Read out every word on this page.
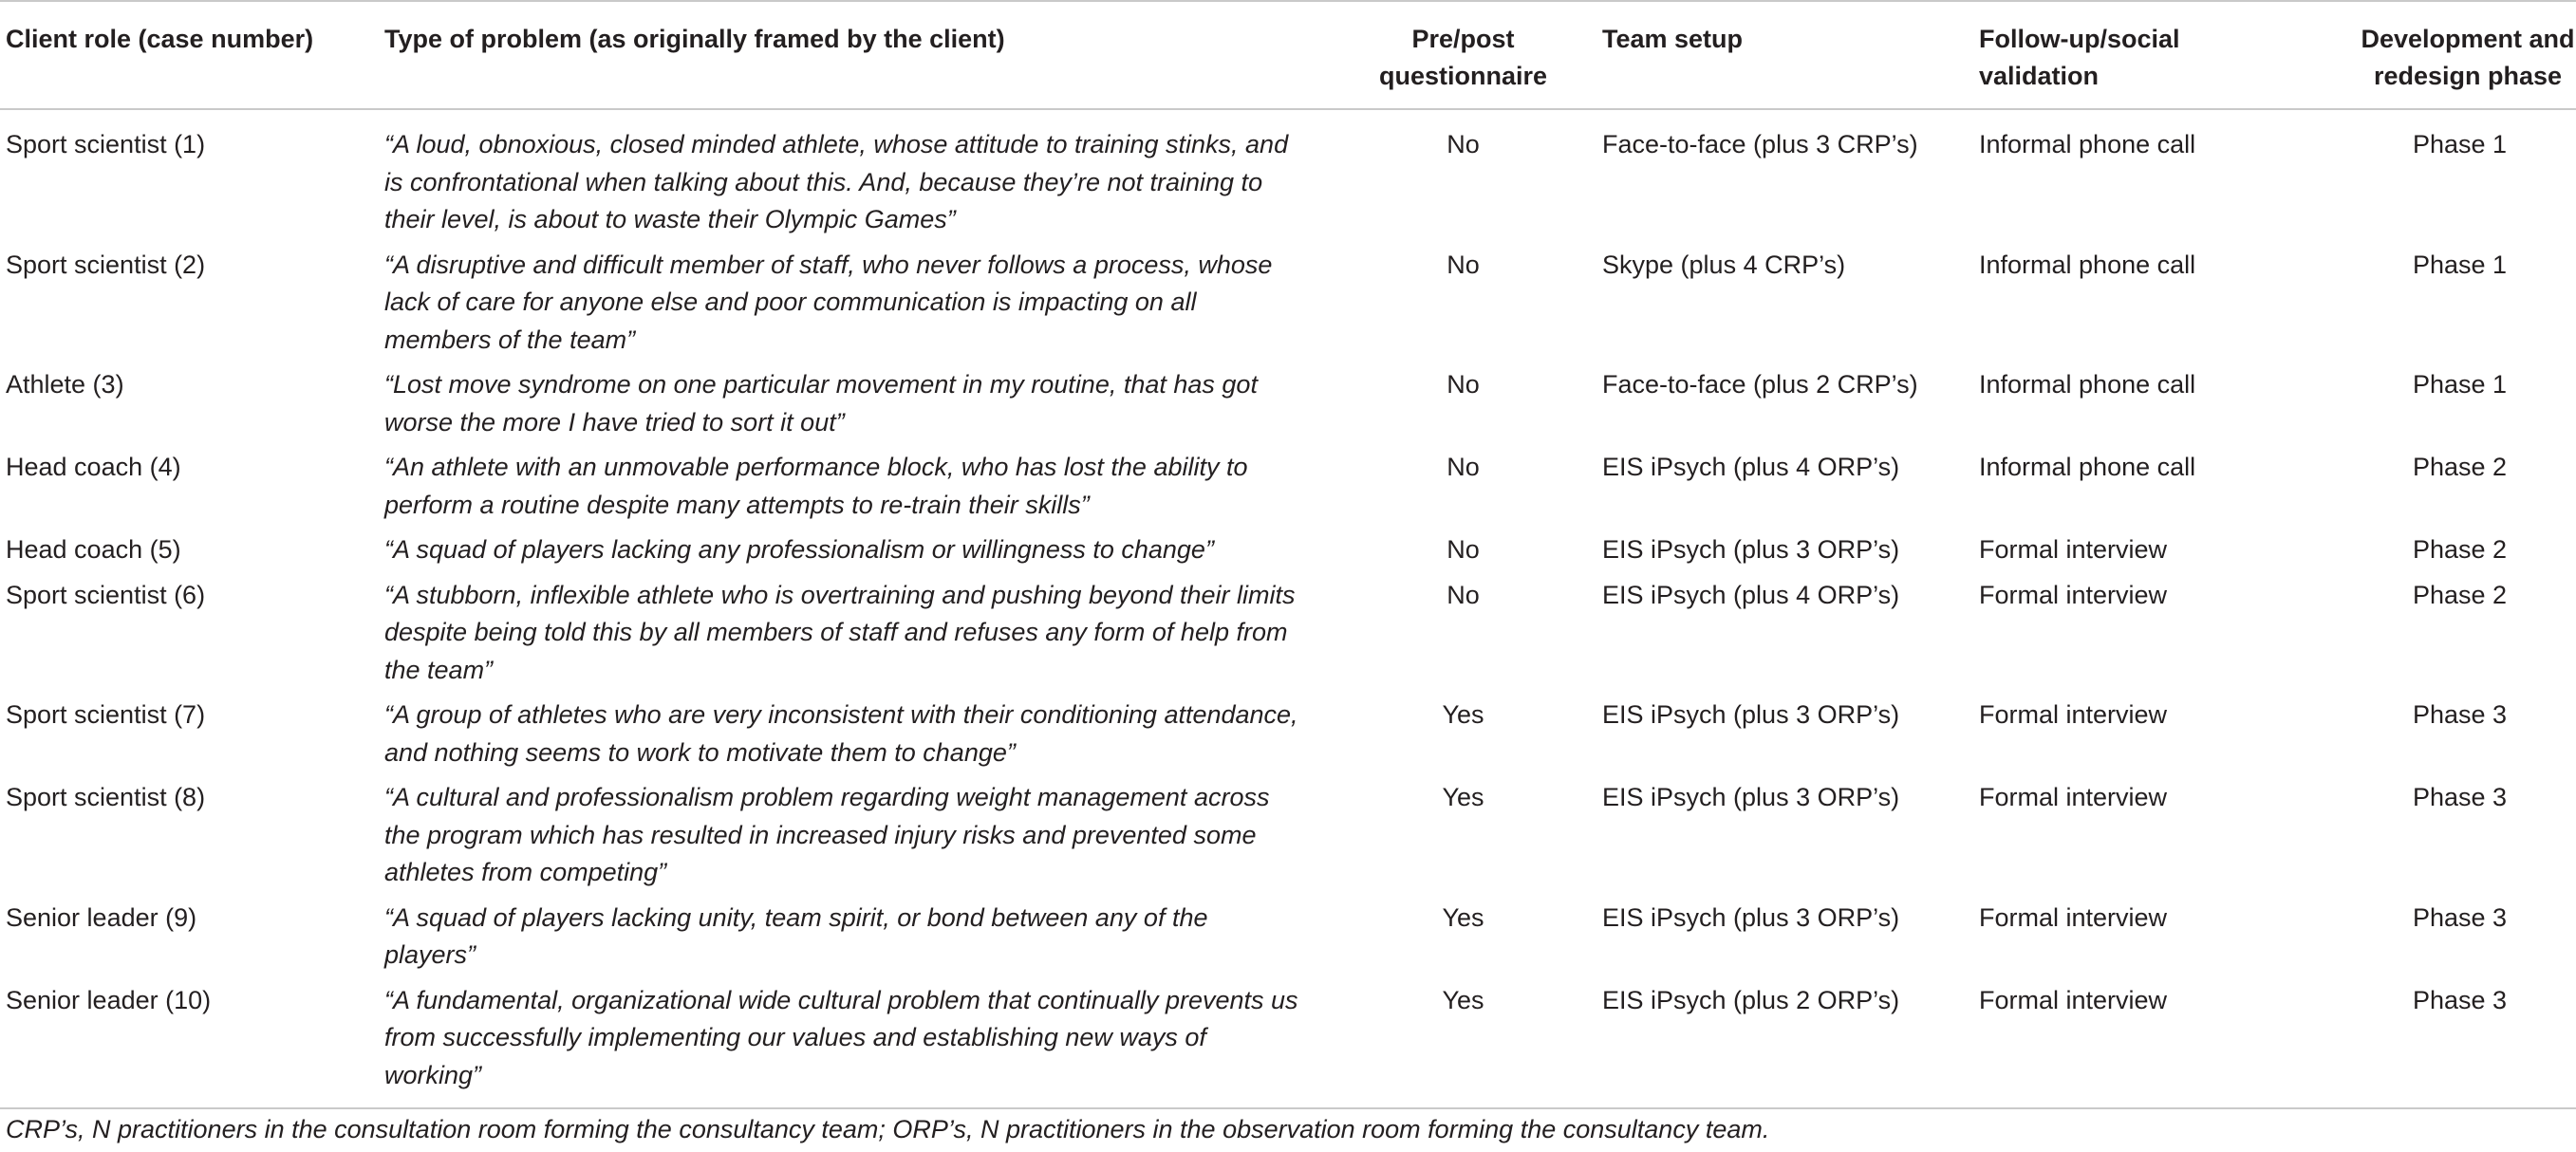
Client role (case number)	Type of problem (as originally framed by the client)	Pre/post questionnaire	Team setup	Follow-up/social validation	Development and redesign phase
Sport scientist (1)	“A loud, obnoxious, closed minded athlete, whose attitude to training stinks, and is confrontational when talking about this. And, because they’re not training to their level, is about to waste their Olympic Games”	No	Face-to-face (plus 3 CRP’s)	Informal phone call	Phase 1
Sport scientist (2)	“A disruptive and difficult member of staff, who never follows a process, whose lack of care for anyone else and poor communication is impacting on all members of the team”	No	Skype (plus 4 CRP’s)	Informal phone call	Phase 1
Athlete (3)	“Lost move syndrome on one particular movement in my routine, that has got worse the more I have tried to sort it out”	No	Face-to-face (plus 2 CRP’s)	Informal phone call	Phase 1
Head coach (4)	“An athlete with an unmovable performance block, who has lost the ability to perform a routine despite many attempts to re-train their skills”	No	EIS iPsych (plus 4 ORP’s)	Informal phone call	Phase 2
Head coach (5)	“A squad of players lacking any professionalism or willingness to change”	No	EIS iPsych (plus 3 ORP’s)	Formal interview	Phase 2
Sport scientist (6)	“A stubborn, inflexible athlete who is overtraining and pushing beyond their limits despite being told this by all members of staff and refuses any form of help from the team”	No	EIS iPsych (plus 4 ORP’s)	Formal interview	Phase 2
Sport scientist (7)	“A group of athletes who are very inconsistent with their conditioning attendance, and nothing seems to work to motivate them to change”	Yes	EIS iPsych (plus 3 ORP’s)	Formal interview	Phase 3
Sport scientist (8)	“A cultural and professionalism problem regarding weight management across the program which has resulted in increased injury risks and prevented some athletes from competing”	Yes	EIS iPsych (plus 3 ORP’s)	Formal interview	Phase 3
Senior leader (9)	“A squad of players lacking unity, team spirit, or bond between any of the players”	Yes	EIS iPsych (plus 3 ORP’s)	Formal interview	Phase 3
Senior leader (10)	“A fundamental, organizational wide cultural problem that continually prevents us from successfully implementing our values and establishing new ways of working”	Yes	EIS iPsych (plus 2 ORP’s)	Formal interview	Phase 3
CRP’s, N practitioners in the consultation room forming the consultancy team; ORP’s, N practitioners in the observation room forming the consultancy team.
